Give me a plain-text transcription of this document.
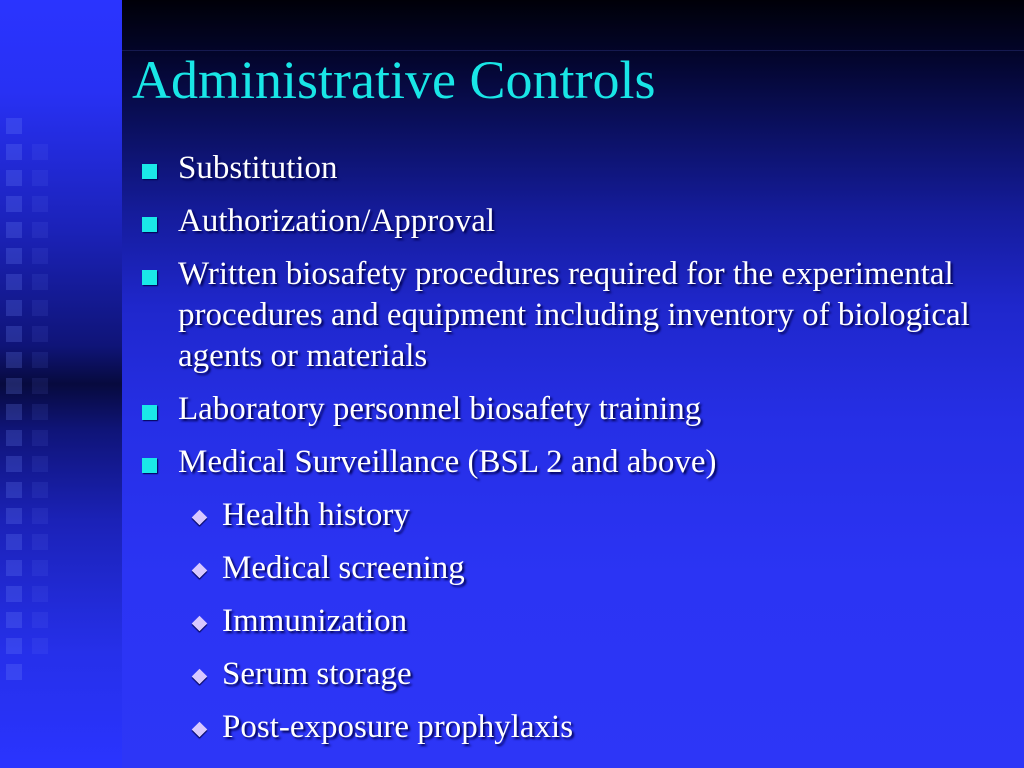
Administrative Controls
Substitution
Authorization/Approval
Written biosafety procedures required for the experimental procedures and equipment including inventory of biological agents or materials
Laboratory personnel biosafety training
Medical Surveillance (BSL 2 and above)
Health history
Medical screening
Immunization
Serum storage
Post-exposure prophylaxis
